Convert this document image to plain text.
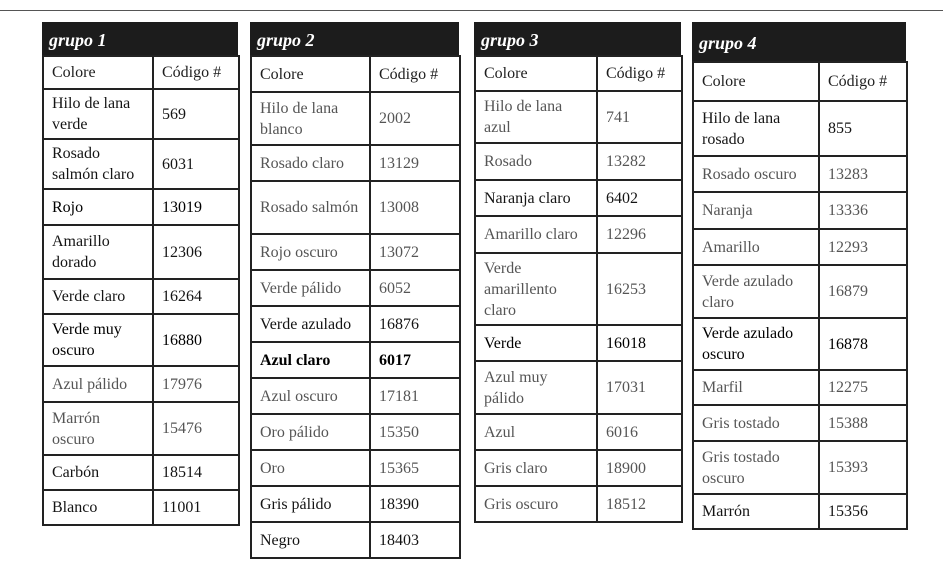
grupo 1
Colore	Código #
Hilo de lana verde	569
Rosado salmón claro	6031
Rojo	13019
Amarillo dorado	12306
Verde claro	16264
Verde muy oscuro	16880
Azul pálido	17976
Marrón oscuro	15476
Carbón	18514
Blanco	11001
grupo 2
Colore	Código #
Hilo de lana blanco	2002
Rosado claro	13129
Rosado salmón	13008
Rojo oscuro	13072
Verde pálido	6052
Verde azulado	16876
Azul claro	6017
Azul oscuro	17181
Oro pálido	15350
Oro	15365
Gris pálido	18390
Negro	18403
grupo 3
Colore	Código #
Hilo de lana azul	741
Rosado	13282
Naranja claro	6402
Amarillo claro	12296
Verde amarillento claro	16253
Verde	16018
Azul muy pálido	17031
Azul	6016
Gris claro	18900
Gris oscuro	18512
grupo 4
Colore	Código #
Hilo de lana rosado	855
Rosado oscuro	13283
Naranja	13336
Amarillo	12293
Verde azulado claro	16879
Verde azulado oscuro	16878
Marfil	12275
Gris tostado	15388
Gris tostado oscuro	15393
Marrón	15356
